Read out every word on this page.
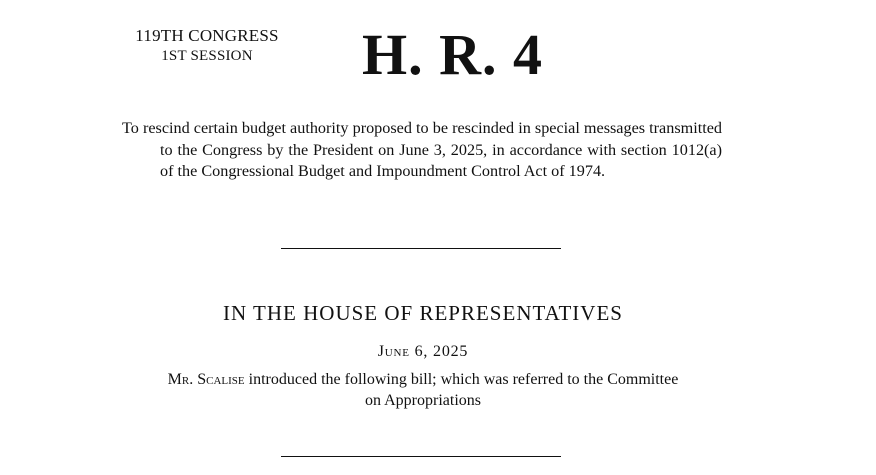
119TH CONGRESS
1ST SESSION	H. R. 4
To rescind certain budget authority proposed to be rescinded in special messages transmitted to the Congress by the President on June 3, 2025, in accordance with section 1012(a) of the Congressional Budget and Impoundment Control Act of 1974.
IN THE HOUSE OF REPRESENTATIVES
June 6, 2025
Mr. Scalise introduced the following bill; which was referred to the Committee on Appropriations
